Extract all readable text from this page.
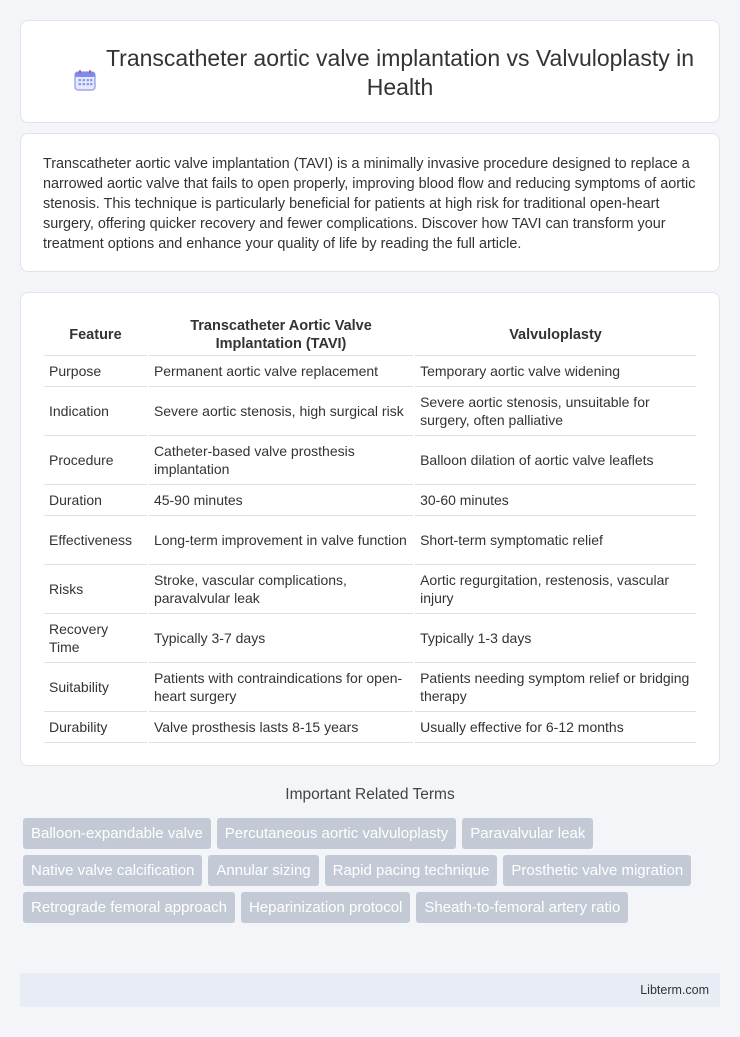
Transcatheter aortic valve implantation vs Valvuloplasty in Health

Transcatheter aortic valve implantation (TAVI) is a minimally invasive procedure designed to replace a narrowed aortic valve that fails to open properly, improving blood flow and reducing symptoms of aortic stenosis. This technique is particularly beneficial for patients at high risk for traditional open-heart surgery, offering quicker recovery and fewer complications. Discover how TAVI can transform your treatment options and enhance your quality of life by reading the full article.

Feature	Transcatheter Aortic Valve Implantation (TAVI)	Valvuloplasty
Purpose	Permanent aortic valve replacement	Temporary aortic valve widening
Indication	Severe aortic stenosis, high surgical risk	Severe aortic stenosis, unsuitable for surgery, often palliative
Procedure	Catheter-based valve prosthesis implantation	Balloon dilation of aortic valve leaflets
Duration	45-90 minutes	30-60 minutes
Effectiveness	Long-term improvement in valve function	Short-term symptomatic relief
Risks	Stroke, vascular complications, paravalvular leak	Aortic regurgitation, restenosis, vascular injury
Recovery Time	Typically 3-7 days	Typically 1-3 days
Suitability	Patients with contraindications for open-heart surgery	Patients needing symptom relief or bridging therapy
Durability	Valve prosthesis lasts 8-15 years	Usually effective for 6-12 months
Important Related Terms
Balloon-expandable valve	Percutaneous aortic valvuloplasty	Paravalvular leak
Native valve calcification	Annular sizing	Rapid pacing technique	Prosthetic valve migration
Retrograde femoral approach	Heparinization protocol	Sheath-to-femoral artery ratio
Libterm.com
